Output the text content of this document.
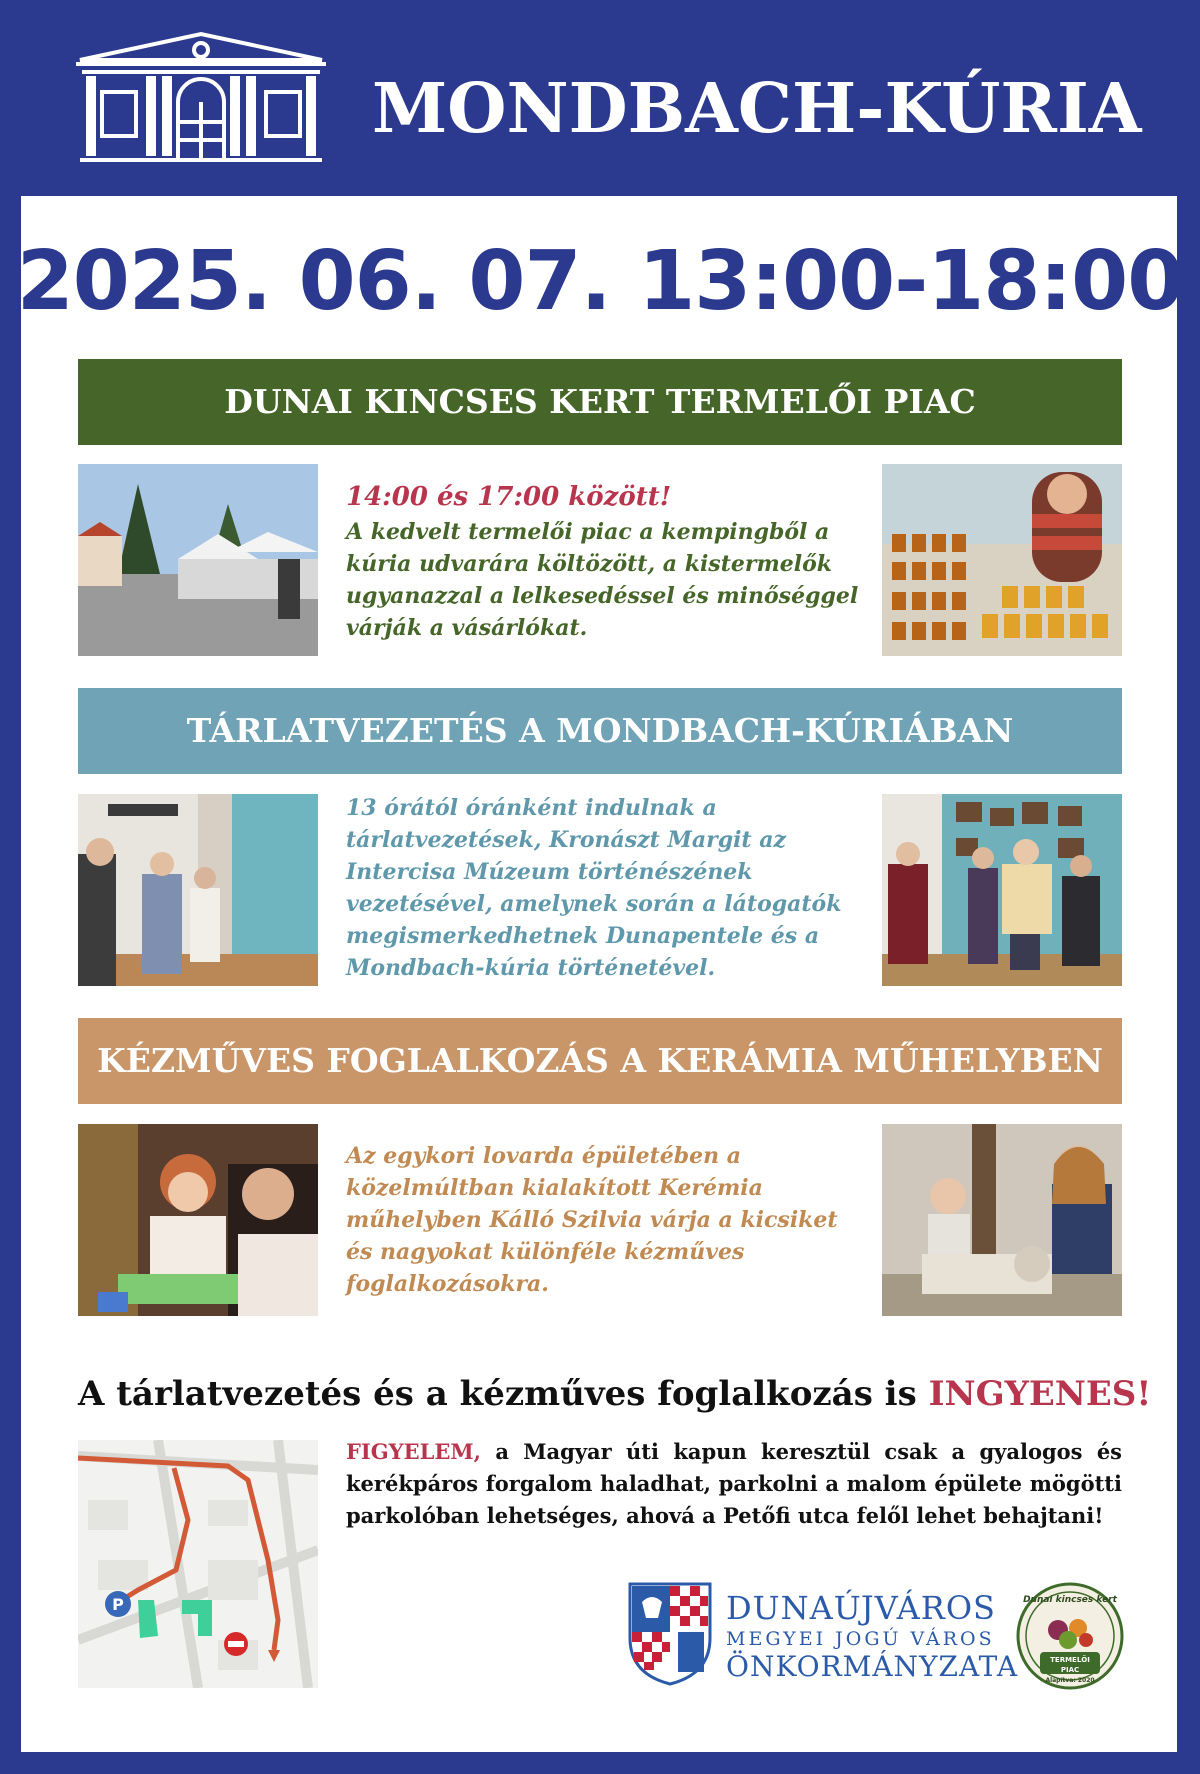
MONDBACH-KÚRIA
2025. 06. 07. 13:00-18:00
DUNAI KINCSES KERT TERMELŐI PIAC
14:00 és 17:00 között!
A kedvelt termelői piac a kempingből a
kúria udvarára költözött, a kistermelők
ugyanazzal a lelkesedéssel és minőséggel
várják a vásárlókat.
TÁRLATVEZETÉS A MONDBACH-KÚRIÁBAN
13 órától óránként indulnak a
tárlatvezetések, Kronászt Margit az
Intercisa Múzeum történészének
vezetésével, amelynek során a látogatók
megismerkedhetnek Dunapentele és a
Mondbach-kúria történetével.
KÉZMŰVES FOGLALKOZÁS A KERÁMIA MŰHELYBEN
Az egykori lovarda épületében a
közelmúltban kialakított Kerémia
műhelyben Kálló Szilvia várja a kicsiket
és nagyokat különféle kézműves
foglalkozásokra.
A tárlatvezetés és a kézműves foglalkozás is INGYENES!
P
FIGYELEM, a Magyar úti kapun keresztül csak a gyalogos és kerékpáros forgalom haladhat, parkolni a malom épülete mögötti parkolóban lehetséges, ahová a Petőfi utca felől lehet behajtani!
DUNAÚJVÁROS
MEGYEI JOGÚ VÁROS
ÖNKORMÁNYZATA
Dunai kincses kert
TERMELŐI
PIAC
Alapítva: 2020
